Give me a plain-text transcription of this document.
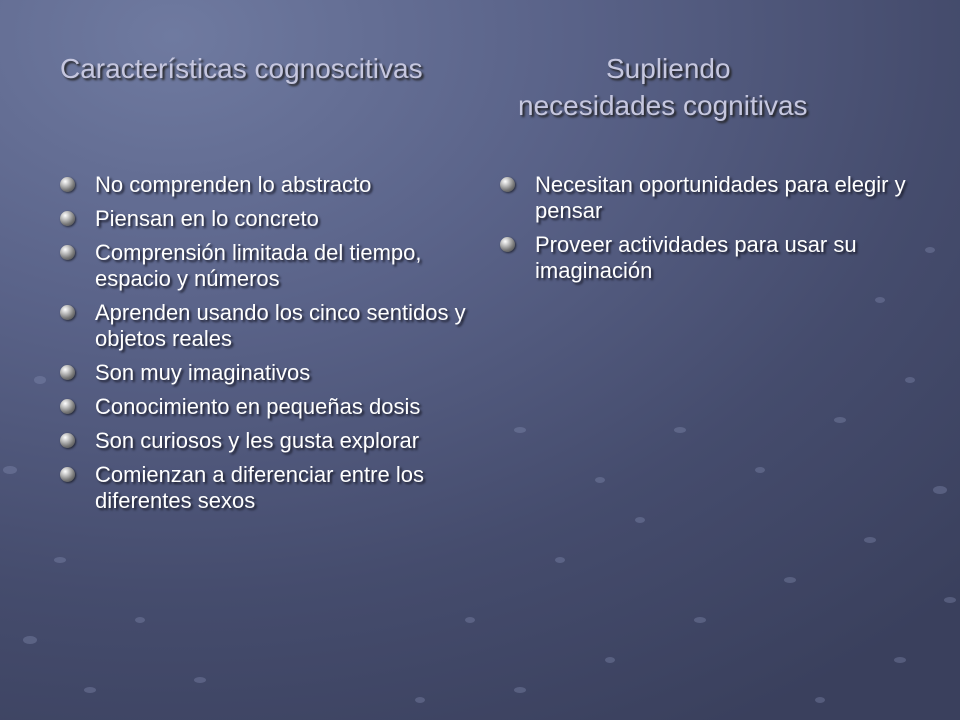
Características cognoscitivas	Supliendo
necesidades cognitivas
No comprenden lo abstracto
Piensan en lo concreto
Comprensión limitada del tiempo, espacio y números
Aprenden usando los cinco sentidos y objetos reales
Son muy imaginativos
Conocimiento en pequeñas dosis
Son curiosos y les gusta explorar
Comienzan a diferenciar entre los diferentes sexos
Necesitan oportunidades para elegir y pensar
Proveer actividades para usar su imaginación
